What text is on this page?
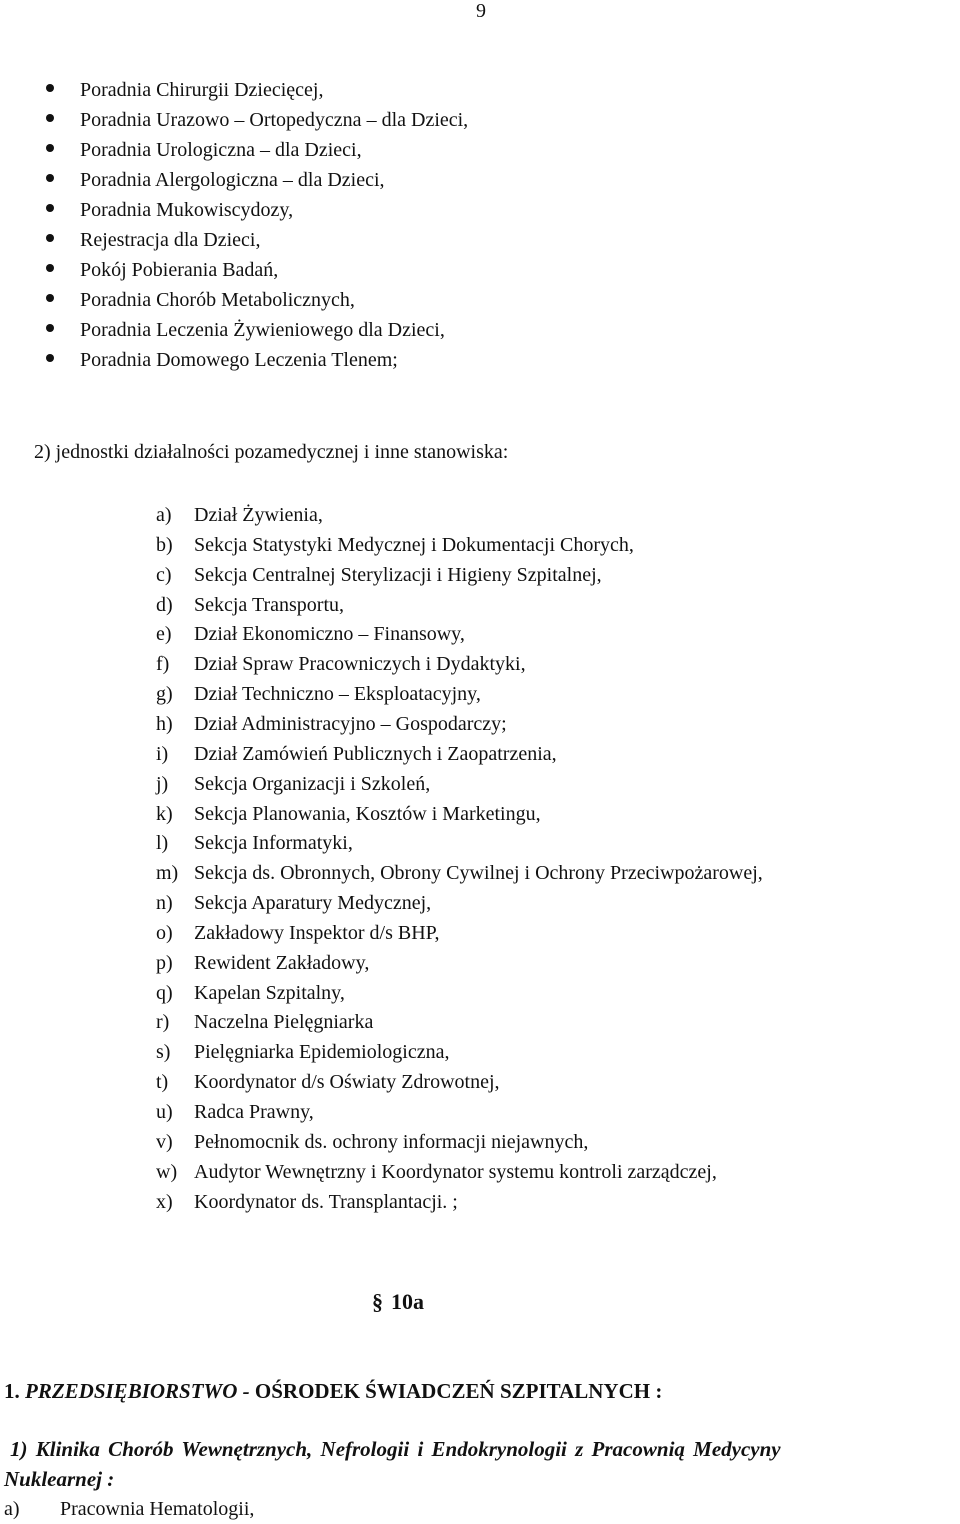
9
Poradnia Chirurgii Dziecięcej,
Poradnia Urazowo – Ortopedyczna – dla Dzieci,
Poradnia Urologiczna – dla Dzieci,
Poradnia Alergologiczna – dla Dzieci,
Poradnia Mukowiscydozy,
Rejestracja dla Dzieci,
Pokój Pobierania Badań,
Poradnia Chorób Metabolicznych,
Poradnia Leczenia Żywieniowego dla Dzieci,
Poradnia Domowego Leczenia Tlenem;
2) jednostki działalności pozamedycznej i inne stanowiska:
a) Dział Żywienia,
b) Sekcja Statystyki Medycznej i Dokumentacji Chorych,
c) Sekcja Centralnej Sterylizacji i Higieny Szpitalnej,
d) Sekcja Transportu,
e) Dział Ekonomiczno – Finansowy,
f) Dział Spraw Pracowniczych i Dydaktyki,
g) Dział Techniczno – Eksploatacyjny,
h) Dział Administracyjno – Gospodarczy;
i) Dział Zamówień Publicznych i Zaopatrzenia,
j) Sekcja Organizacji i Szkoleń,
k) Sekcja Planowania, Kosztów i Marketingu,
l) Sekcja Informatyki,
m) Sekcja ds. Obronnych, Obrony Cywilnej i Ochrony Przeciwpożarowej,
n) Sekcja Aparatury Medycznej,
o) Zakładowy Inspektor d/s BHP,
p) Rewident Zakładowy,
q) Kapelan Szpitalny,
r) Naczelna Pielęgniarka
s) Pielęgniarka Epidemiologiczna,
t) Koordynator d/s Oświaty Zdrowotnej,
u) Radca Prawny,
v) Pełnomocnik ds. ochrony informacji niejawnych,
w) Audytor Wewnętrzny i Koordynator systemu kontroli zarządczej,
x) Koordynator ds. Transplantacji. ;
§ 10a
1. PRZEDSIĘBIORSTWO - OŚRODEK ŚWIADCZEŃ SZPITALNYCH :
1) Klinika Chorób Wewnętrznych, Nefrologii i Endokrynologii z Pracownią Medycyny
Nuklearnej :
a) Pracownia Hematologii,
